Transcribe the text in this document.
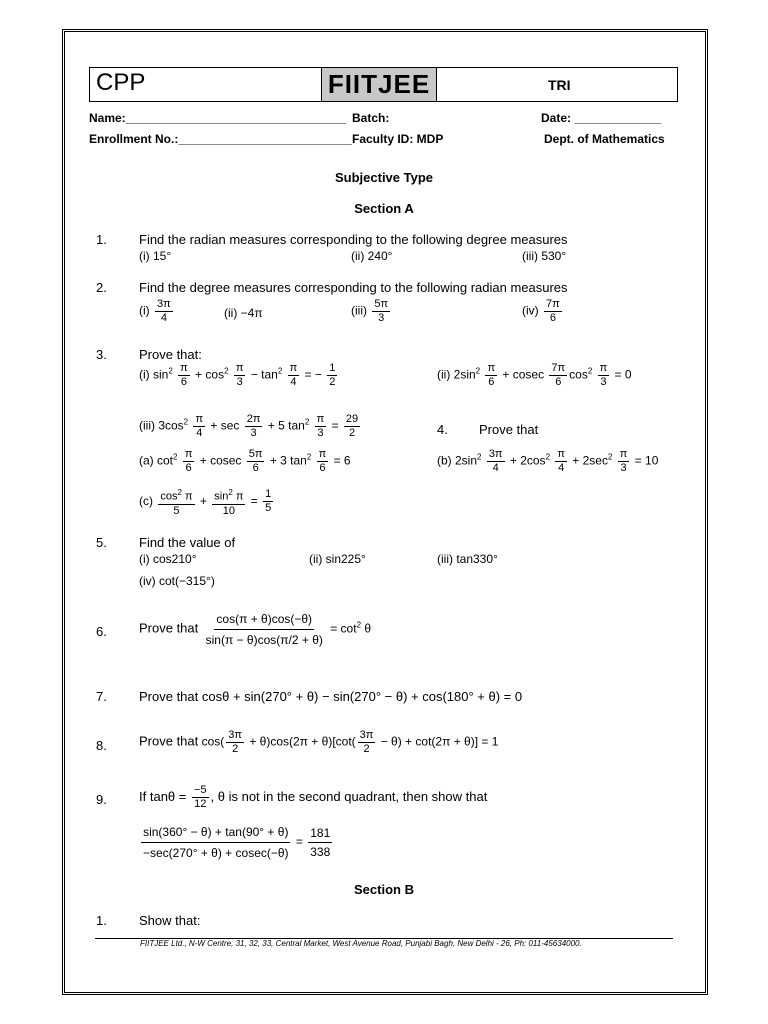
CPP	FIITJEE	TRI
Name:_________________________________ Batch:	Date: _____________
Enrollment No.:__________________________ Faculty ID: MDP	Dept. of Mathematics
Subjective Type
Section A
1. Find the radian measures corresponding to the following degree measures
(i) 15°	(ii) 240°	(iii) 530°
2. Find the degree measures corresponding to the following radian measures
$(i) \frac{3\pi}{4}$	(ii) −4π	$(iii) \frac{5\pi}{3}$	$(iv) \frac{7\pi}{6}$
3. Prove that:
(i) $\sin^2 \frac{\pi}{6} + \cos^2 \frac{\pi}{3} - \tan^2 \frac{\pi}{4}$ = − $\frac{1}{2}$	(ii) $2\sin^2 \frac{\pi}{6} + cosec \frac{7\pi}{6} \cos^2 \frac{\pi}{3} = 0$
(iii) $3\cos^2 \frac{\pi}{4} + \sec \frac{2\pi}{3} + 5$ $\tan^2 \frac{\pi}{3} = \frac{29}{2}$	4. Prove that
(a) $\cot^2 \frac{\pi}{6} + cosec \frac{5\pi}{6} + 3$ $\tan^2 \frac{\pi}{6} = 6$	(b) $2\sin^2 \frac{3\pi}{4} + 2\cos^2 \frac{\pi}{4} + 2\sec^2 \frac{\pi}{3} = 10$
$(c) \frac{\cos^2 \pi}{5} + \frac{\sin^2 \pi}{10} = \frac{1}{5}$
5. Find the value of
(i) cos210°	(ii) sin225°	(iii) tan330°
(iv) cot(−315°)
6. Prove that $\frac{\cos(\pi + \theta)\cos(-\theta)}{\sin(\pi - \theta)\cos(\pi/2 + \theta)} = \cot^2 \theta$
7. Prove that cosθ + sin(270° + θ) − sin(270° − θ) + cos(180° + θ) = 0
8. Prove that $\cos( \frac{3\pi}{2} + \theta)\cos(2\pi + \theta)[\cot( \frac{3\pi}{2} - \theta) + \cot(2\pi + \theta)] = 1$
9. If $\tan\theta = \frac{-5}{12}$ , θ is not in the second quadrant, then show that
$\frac{\sin(360^\circ - \theta) + \tan(90^\circ + \theta)}{-\sec(270^\circ + \theta) + cosec(-\theta)} = \frac{181}{338}$
Section B
1. Show that:
FIITJEE Ltd., N-W Centre, 31, 32, 33, Central Market, West Avenue Road, Punjabi Bagh, New Delhi - 26, Ph: 011-45634000.
